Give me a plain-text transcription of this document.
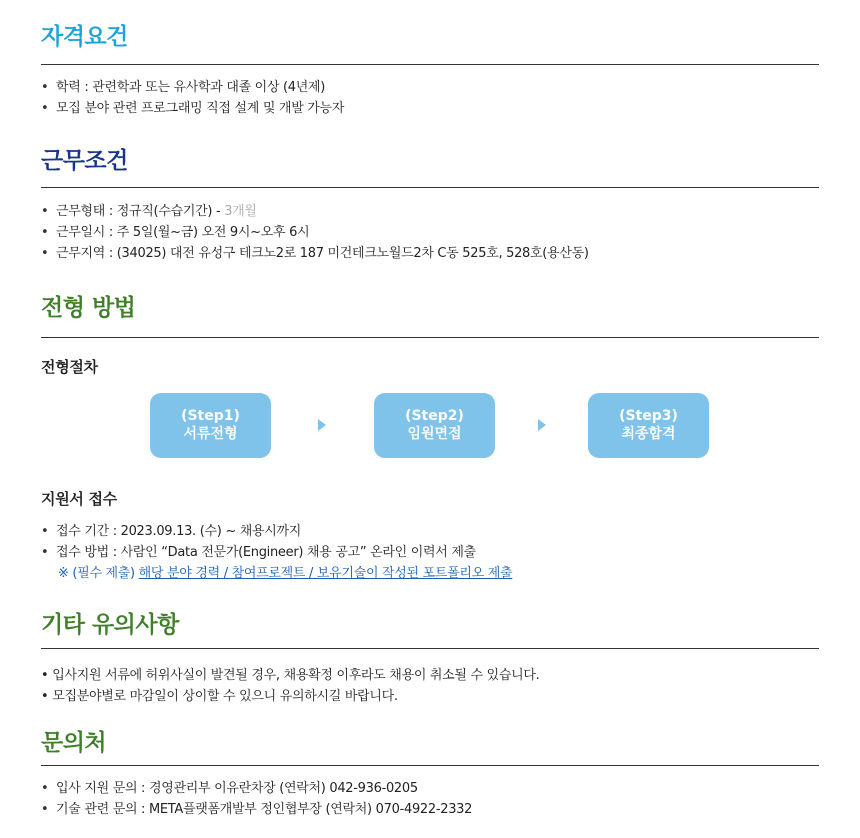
자격요건
• 학력 : 관련학과 또는 유사학과 대졸 이상 (4년제)
• 모집 분야 관련 프로그래밍 직접 설계 및 개발 가능자
근무조건
• 근무형태 : 정규직(수습기간) - 3개월
• 근무일시 : 주 5일(월~금) 오전 9시~오후 6시
• 근무지역 : (34025) 대전 유성구 테크노2로 187 미건테크노월드2차 C동 525호, 528호(용산동)
전형 방법
전형절차
(Step1)
서류전형
(Step2)
임원면접
(Step3)
최종합격
지원서 접수
• 접수 기간 : 2023.09.13. (수) ~ 채용시까지
• 접수 방법 : 사람인 “Data 전문가(Engineer) 채용 공고” 온라인 이력서 제출

※ (필수 제출) 해당 분야 경력 / 참여프로젝트 / 보유기술이 작성된 포트폴리오 제출

기타 유의사항
• 입사지원 서류에 허위사실이 발견될 경우, 채용확정 이후라도 채용이 취소될 수 있습니다.
• 모집분야별로 마감일이 상이할 수 있으니 유의하시길 바랍니다.
문의처
• 입사 지원 문의 : 경영관리부 이유란차장 (연락처) 042-936-0205
• 기술 관련 문의 : META플랫폼개발부 정인협부장 (연락처) 070-4922-2332
